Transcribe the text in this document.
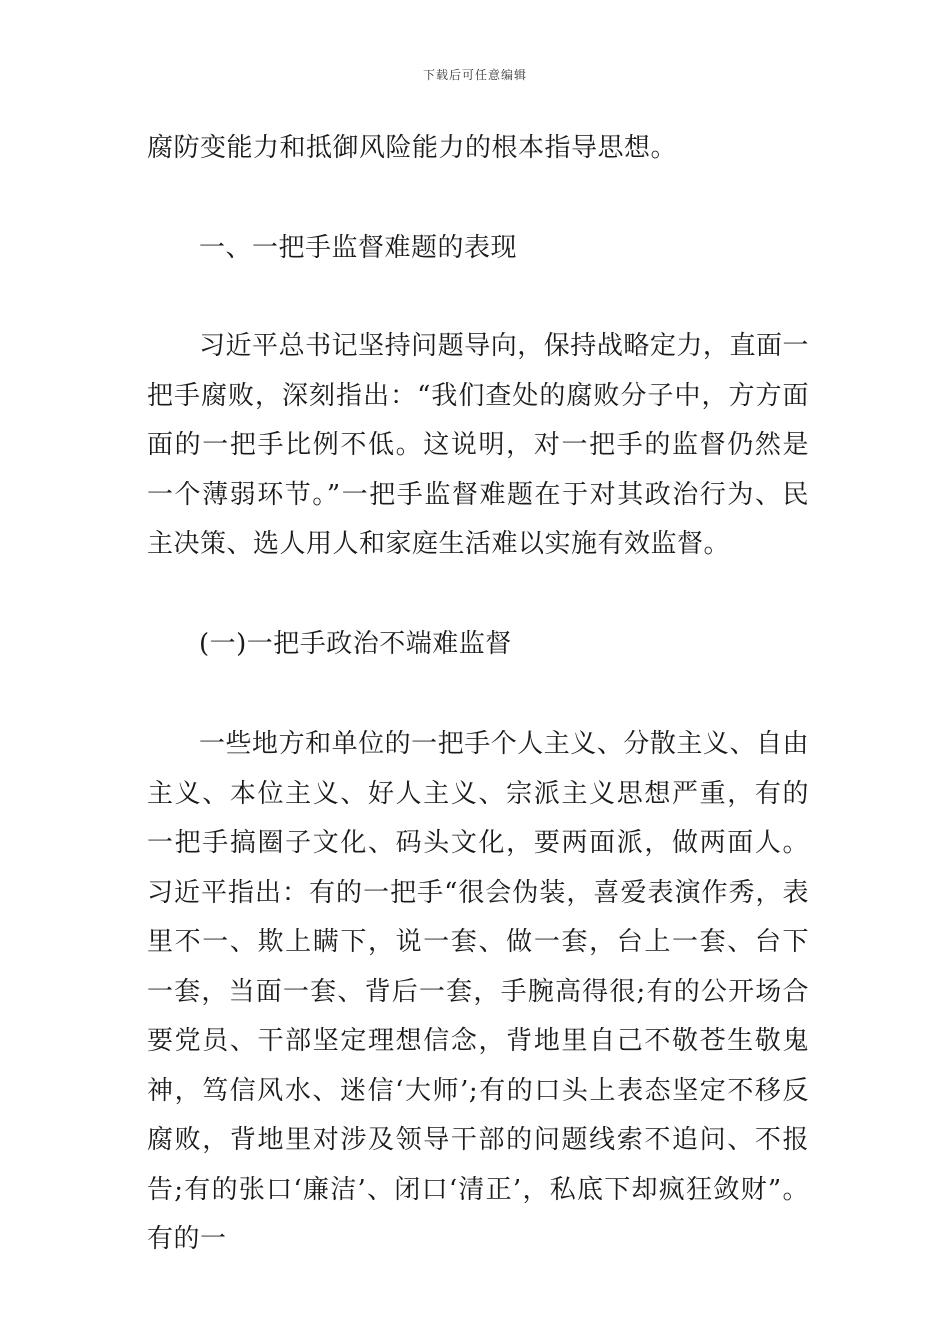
下载后可任意编辑

腐防变能力和抵御风险能力的根本指导思想。

一、一把手监督难题的表现

习近平总书记坚持问题导向，保持战略定力，直面一把手腐败，深刻指出：“我们查处的腐败分子中，方方面面的一把手比例不低。这说明，对一把手的监督仍然是一个薄弱环节。”一把手监督难题在于对其政治行为、民主决策、选人用人和家庭生活难以实施有效监督。

(一)一把手政治不端难监督

一些地方和单位的一把手个人主义、分散主义、自由主义、本位主义、好人主义、宗派主义思想严重，有的一把手搞圈子文化、码头文化，要两面派，做两面人。习近平指出：有的一把手“很会伪装，喜爱表演作秀，表里不一、欺上瞒下，说一套、做一套，台上一套、台下一套，当面一套、背后一套，手腕高得很;有的公开场合要党员、干部坚定理想信念，背地里自己不敬苍生敬鬼神，笃信风水、迷信‘大师’;有的口头上表态坚定不移反腐败，背地里对涉及领导干部的问题线索不追问、不报告;有的张口‘廉洁’、闭口‘清正’，私底下却疯狂敛财”。有的一
